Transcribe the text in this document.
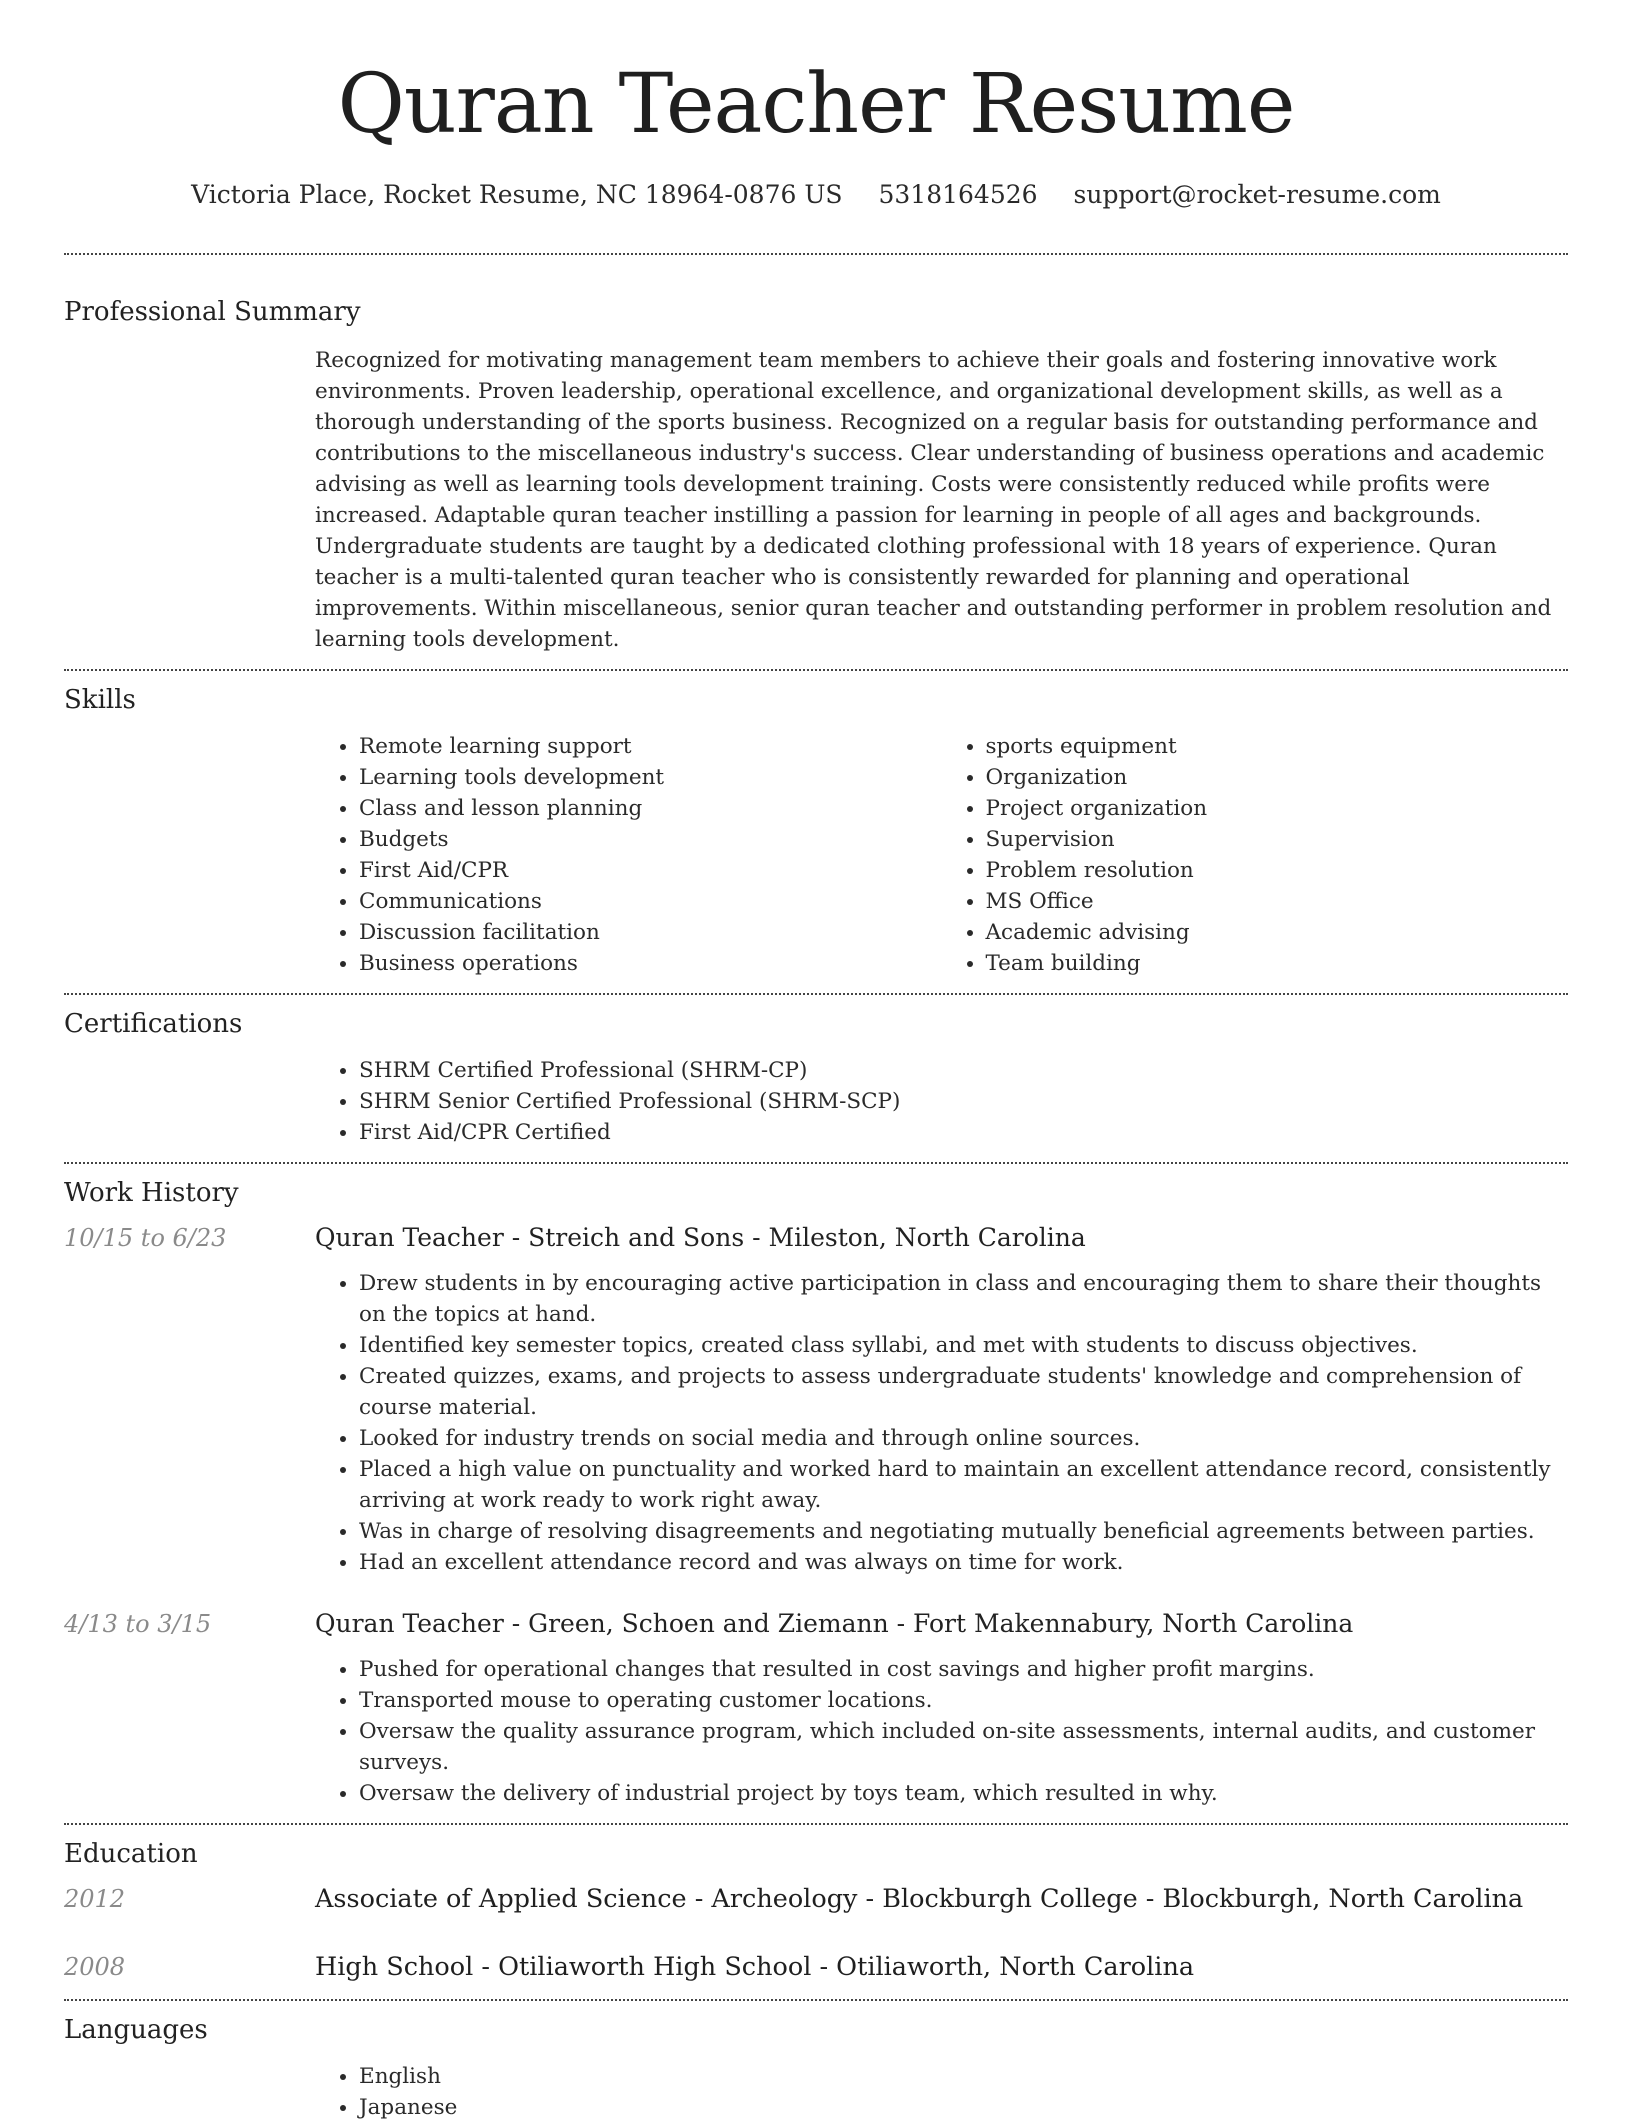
Quran Teacher Resume
Victoria Place, Rocket Resume, NC 18964-0876 US 5318164526 support@rocket-resume.com
Professional Summary
Recognized for motivating management team members to achieve their goals and fostering innovative work environments. Proven leadership, operational excellence, and organizational development skills, as well as a thorough understanding of the sports business. Recognized on a regular basis for outstanding performance and contributions to the miscellaneous industry's success. Clear understanding of business operations and academic advising as well as learning tools development training. Costs were consistently reduced while profits were increased. Adaptable quran teacher instilling a passion for learning in people of all ages and backgrounds. Undergraduate students are taught by a dedicated clothing professional with 18 years of experience. Quran teacher is a multi-talented quran teacher who is consistently rewarded for planning and operational improvements. Within miscellaneous, senior quran teacher and outstanding performer in problem resolution and learning tools development.
Skills
• Remote learning support
• Learning tools development
• Class and lesson planning
• Budgets
• First Aid/CPR
• Communications
• Discussion facilitation
• Business operations
• sports equipment
• Organization
• Project organization
• Supervision
• Problem resolution
• MS Office
• Academic advising
• Team building
Certifications
• SHRM Certified Professional (SHRM-CP)
• SHRM Senior Certified Professional (SHRM-SCP)
• First Aid/CPR Certified
Work History
10/15 to 6/23	Quran Teacher - Streich and Sons - Mileston, North Carolina
• Drew students in by encouraging active participation in class and encouraging them to share their thoughts on the topics at hand.
• Identified key semester topics, created class syllabi, and met with students to discuss objectives.
• Created quizzes, exams, and projects to assess undergraduate students' knowledge and comprehension of course material.
• Looked for industry trends on social media and through online sources.
• Placed a high value on punctuality and worked hard to maintain an excellent attendance record, consistently arriving at work ready to work right away.
• Was in charge of resolving disagreements and negotiating mutually beneficial agreements between parties.
• Had an excellent attendance record and was always on time for work.
4/13 to 3/15	Quran Teacher - Green, Schoen and Ziemann - Fort Makennabury, North Carolina
• Pushed for operational changes that resulted in cost savings and higher profit margins.
• Transported mouse to operating customer locations.
• Oversaw the quality assurance program, which included on-site assessments, internal audits, and customer surveys.
• Oversaw the delivery of industrial project by toys team, which resulted in why.
Education
2012	Associate of Applied Science - Archeology - Blockburgh College - Blockburgh, North Carolina
2008	High School - Otiliaworth High School - Otiliaworth, North Carolina
Languages
• English
• Japanese
